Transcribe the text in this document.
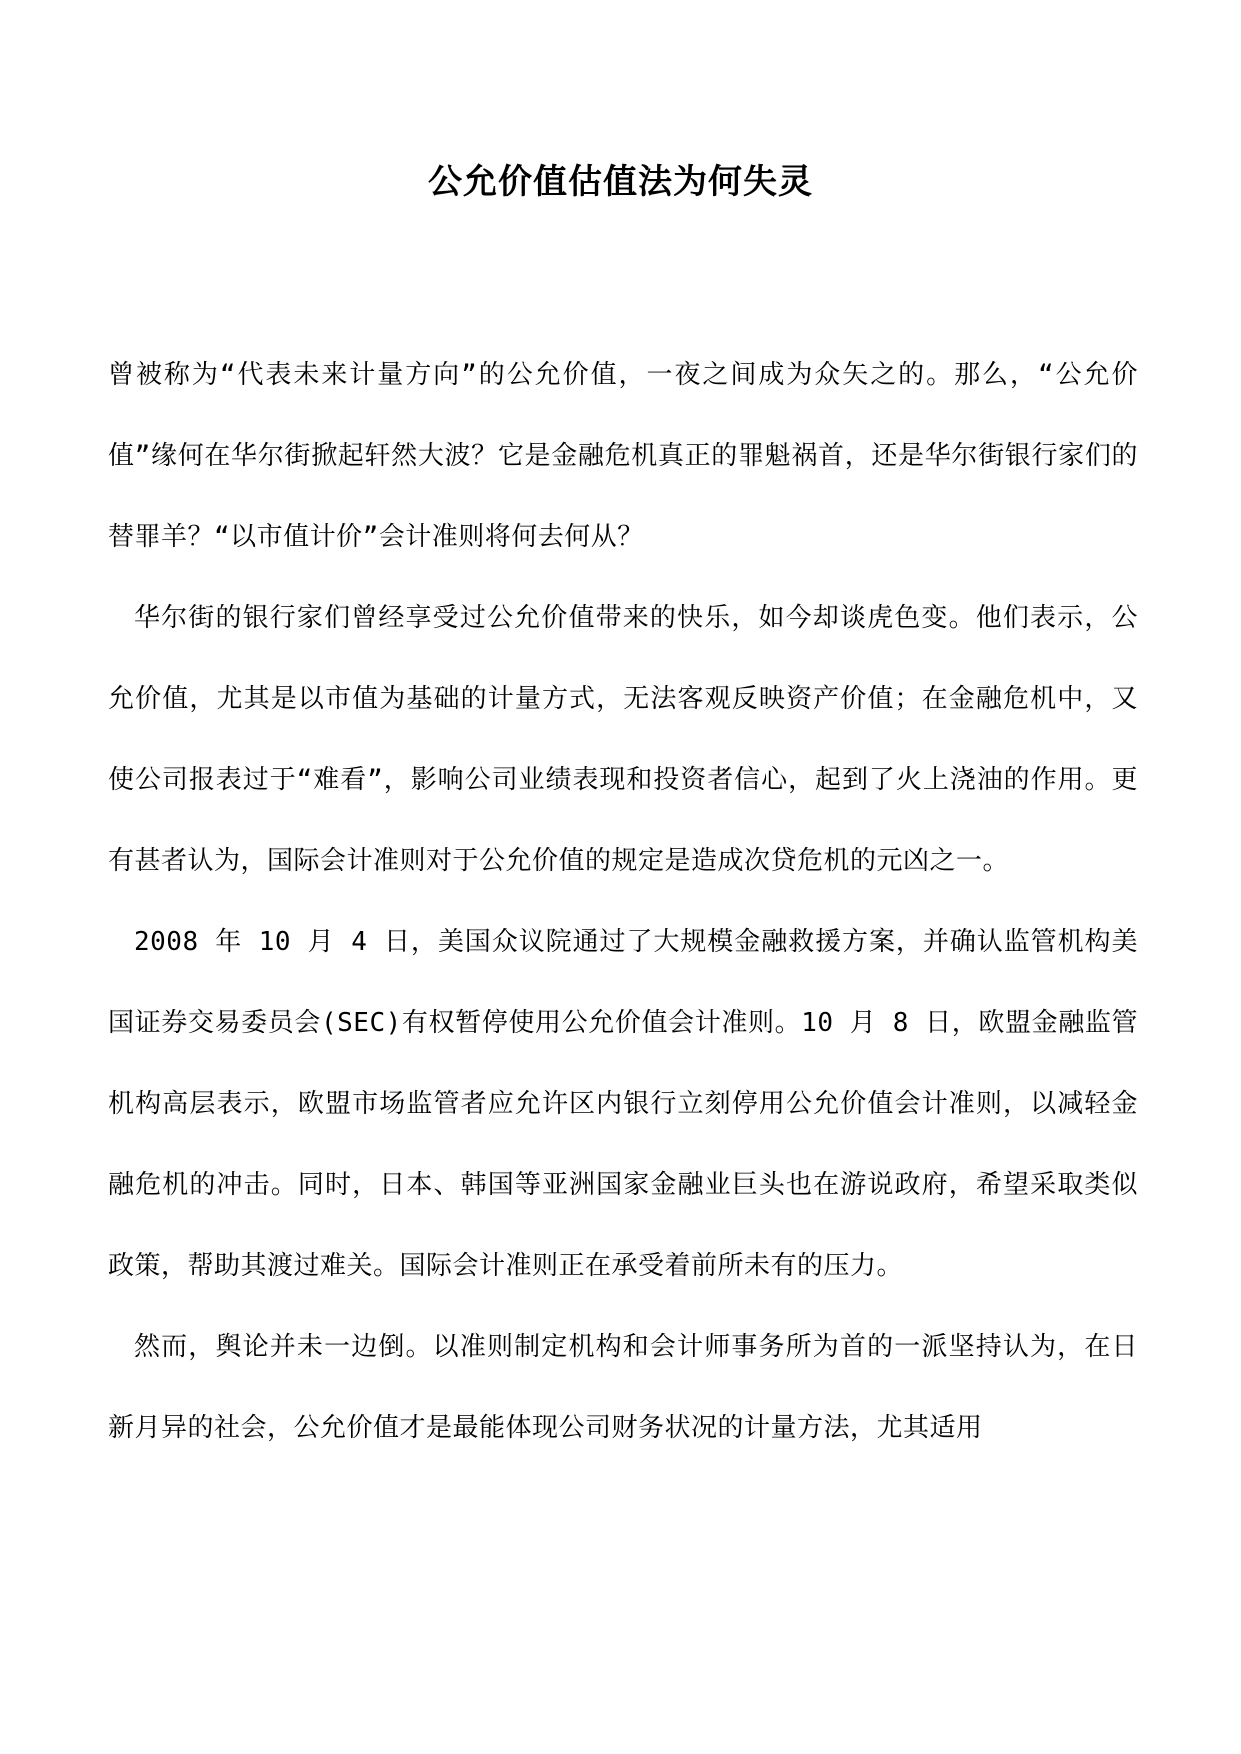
公允价值估值法为何失灵

曾被称为“代表未来计量方向”的公允价值，一夜之间成为众矢之的。那么，“公允价值”缘何在华尔街掀起轩然大波？它是金融危机真正的罪魁祸首，还是华尔街银行家们的替罪羊？“以市值计价”会计准则将何去何从？

华尔街的银行家们曾经享受过公允价值带来的快乐，如今却谈虎色变。他们表示，公允价值，尤其是以市值为基础的计量方式，无法客观反映资产价值；在金融危机中，又使公司报表过于“难看”，影响公司业绩表现和投资者信心，起到了火上浇油的作用。更有甚者认为，国际会计准则对于公允价值的规定是造成次贷危机的元凶之一。

2008 年 10 月 4 日，美国众议院通过了大规模金融救援方案，并确认监管机构美国证券交易委员会(SEC)有权暂停使用公允价值会计准则。10 月 8 日，欧盟金融监管机构高层表示，欧盟市场监管者应允许区内银行立刻停用公允价值会计准则，以减轻金融危机的冲击。同时，日本、韩国等亚洲国家金融业巨头也在游说政府，希望采取类似政策，帮助其渡过难关。国际会计准则正在承受着前所未有的压力。

然而，舆论并未一边倒。以准则制定机构和会计师事务所为首的一派坚持认为，在日新月异的社会，公允价值才是最能体现公司财务状况的计量方法，尤其适用
